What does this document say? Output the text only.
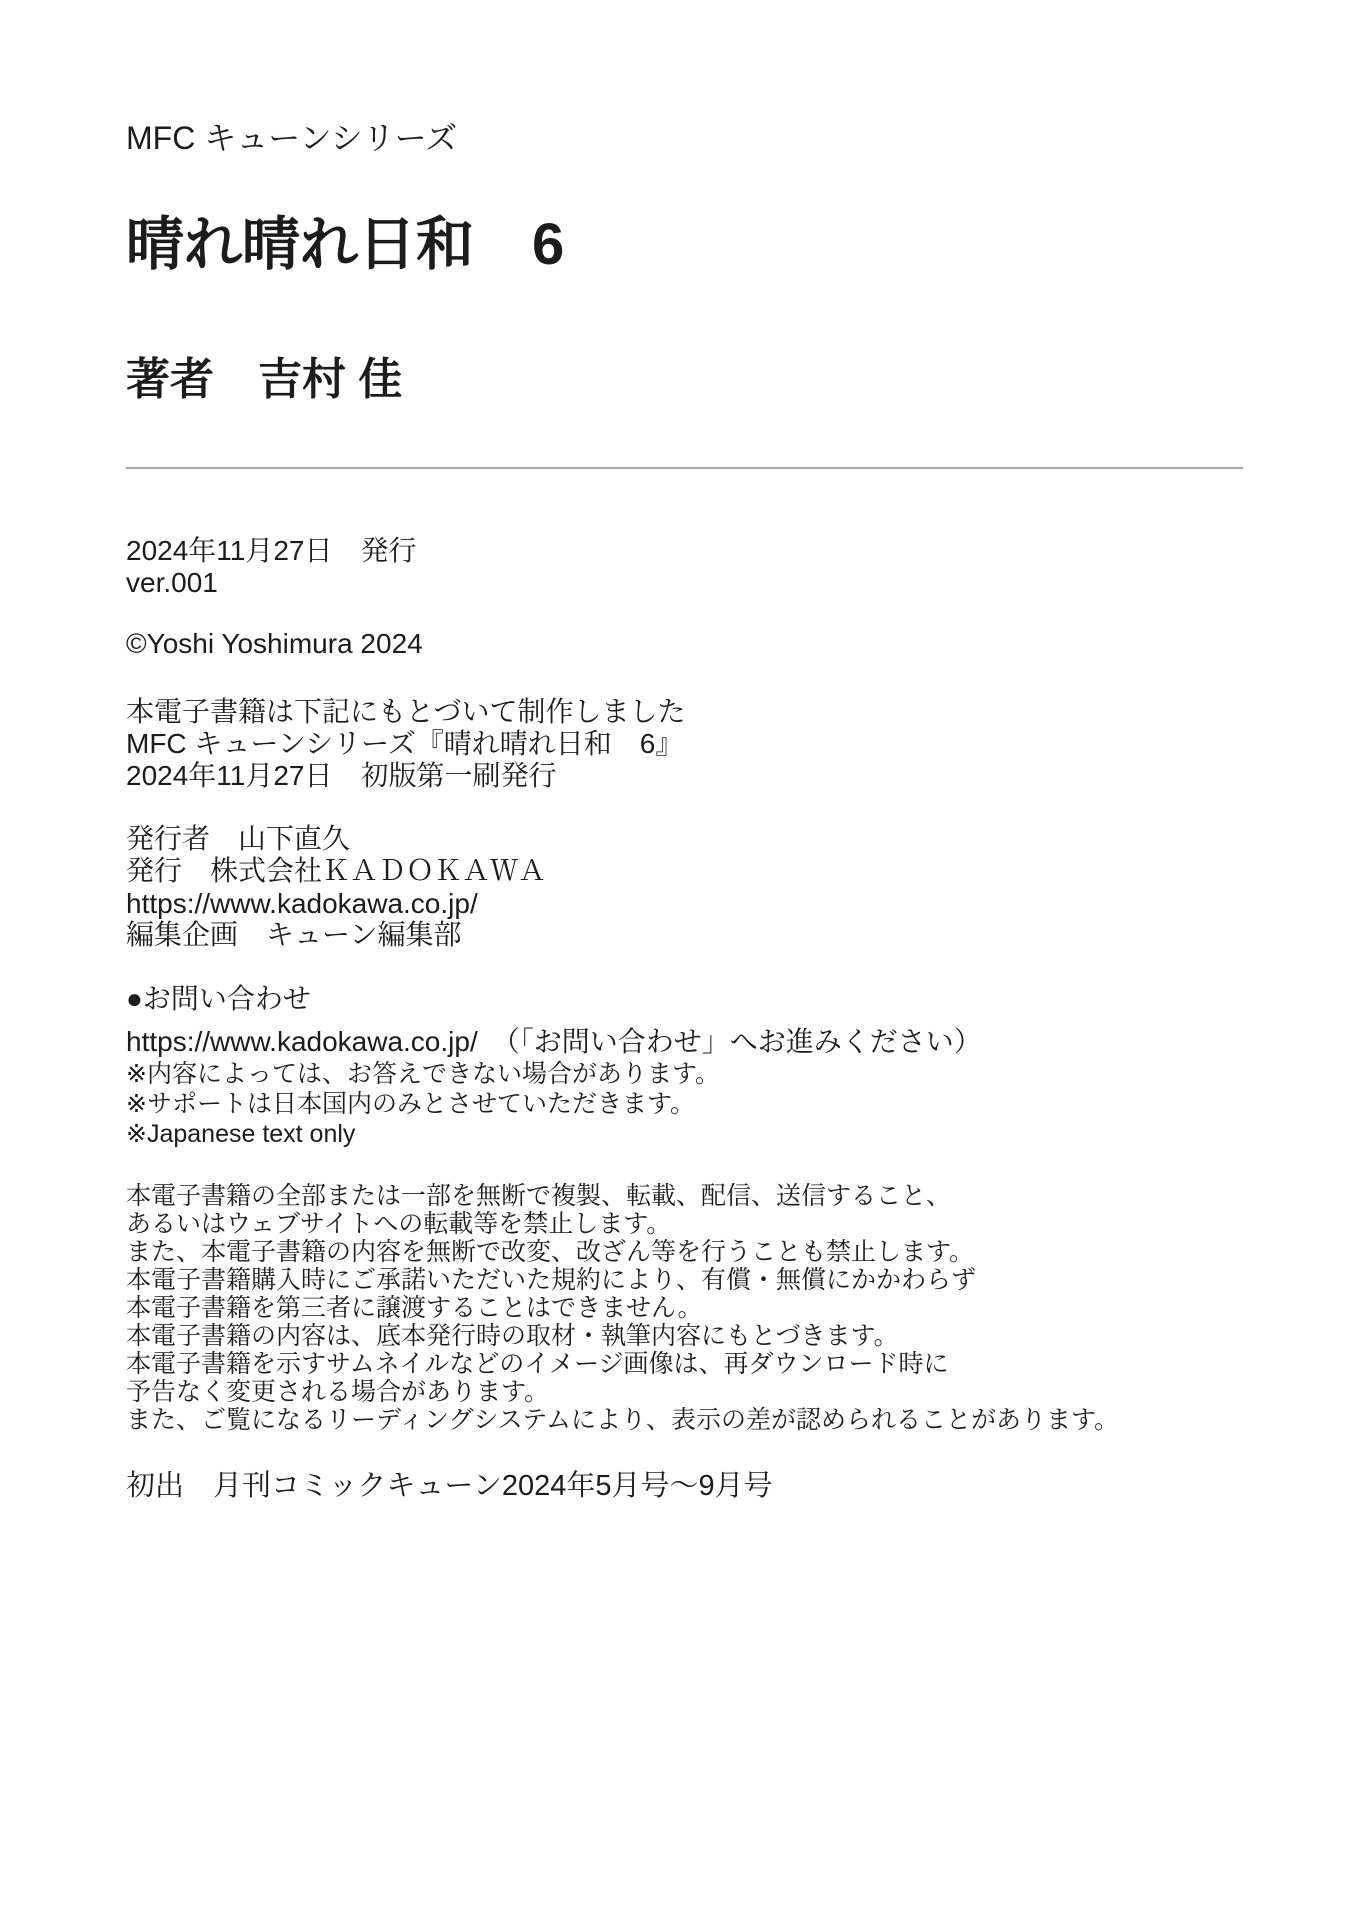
MFC キューンシリーズ
晴れ晴れ日和　6
著者　吉村 佳
2024年11月27日　発行
ver.001
©Yoshi Yoshimura 2024
本電子書籍は下記にもとづいて制作しました
MFC キューンシリーズ『晴れ晴れ日和　6』
2024年11月27日　初版第一刷発行
発行者　山下直久
発行　株式会社ＫＡＤＯＫＡＷＡ
https://www.kadokawa.co.jp/
編集企画　キューン編集部
●お問い合わせ
https://www.kadokawa.co.jp/　（「お問い合わせ」へお進みください）
※内容によっては、お答えできない場合があります。
※サポートは日本国内のみとさせていただきます。
※Japanese text only
本電子書籍の全部または一部を無断で複製、転載、配信、送信すること、
あるいはウェブサイトへの転載等を禁止します。
また、本電子書籍の内容を無断で改変、改ざん等を行うことも禁止します。
本電子書籍購入時にご承諾いただいた規約により、有償・無償にかかわらず
本電子書籍を第三者に譲渡することはできません。
本電子書籍の内容は、底本発行時の取材・執筆内容にもとづきます。
本電子書籍を示すサムネイルなどのイメージ画像は、再ダウンロード時に
予告なく変更される場合があります。
また、ご覧になるリーディングシステムにより、表示の差が認められることがあります。
初出　月刊コミックキューン2024年5月号～9月号
